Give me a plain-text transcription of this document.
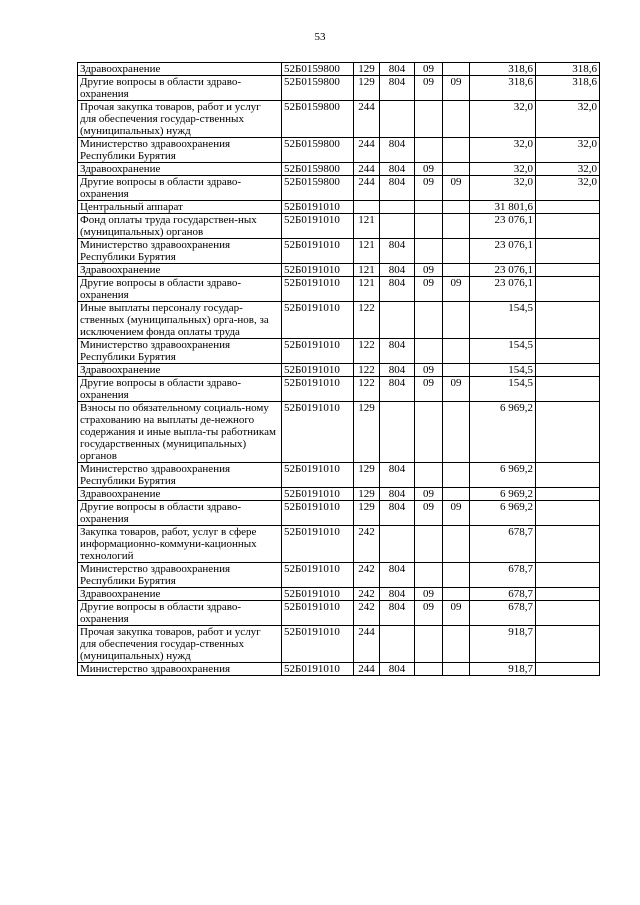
53
Здравоохранение	52Б0159800	129	804	09		318,6	318,6
Другие вопросы в области здраво-охранения	52Б0159800	129	804	09	09	318,6	318,6
Прочая закупка товаров, работ и услуг для обеспечения государ-ственных (муниципальных) нужд	52Б0159800	244				32,0	32,0
Министерство здравоохранения Республики Бурятия	52Б0159800	244	804			32,0	32,0
Здравоохранение	52Б0159800	244	804	09		32,0	32,0
Другие вопросы в области здраво-охранения	52Б0159800	244	804	09	09	32,0	32,0
Центральный аппарат	52Б0191010					31 801,6	
Фонд оплаты труда государствен-ных (муниципальных) органов	52Б0191010	121				23 076,1	
Министерство здравоохранения Республики Бурятия	52Б0191010	121	804			23 076,1	
Здравоохранение	52Б0191010	121	804	09		23 076,1	
Другие вопросы в области здраво-охранения	52Б0191010	121	804	09	09	23 076,1	
Иные выплаты персоналу государ-ственных (муниципальных) орга-нов, за исключением фонда оплаты труда	52Б0191010	122				154,5	
Министерство здравоохранения Республики Бурятия	52Б0191010	122	804			154,5	
Здравоохранение	52Б0191010	122	804	09		154,5	
Другие вопросы в области здраво-охранения	52Б0191010	122	804	09	09	154,5	
Взносы по обязательному социаль-ному страхованию на выплаты де-нежного содержания и иные выпла-ты работникам государственных (муниципальных) органов	52Б0191010	129				6 969,2	
Министерство здравоохранения Республики Бурятия	52Б0191010	129	804			6 969,2	
Здравоохранение	52Б0191010	129	804	09		6 969,2	
Другие вопросы в области здраво-охранения	52Б0191010	129	804	09	09	6 969,2	
Закупка товаров, работ, услуг в сфере информационно-коммуни-кационных технологий	52Б0191010	242				678,7	
Министерство здравоохранения Республики Бурятия	52Б0191010	242	804			678,7	
Здравоохранение	52Б0191010	242	804	09		678,7	
Другие вопросы в области здраво-охранения	52Б0191010	242	804	09	09	678,7	
Прочая закупка товаров, работ и услуг для обеспечения государ-ственных (муниципальных) нужд	52Б0191010	244				918,7	
Министерство здравоохранения	52Б0191010	244	804			918,7	
